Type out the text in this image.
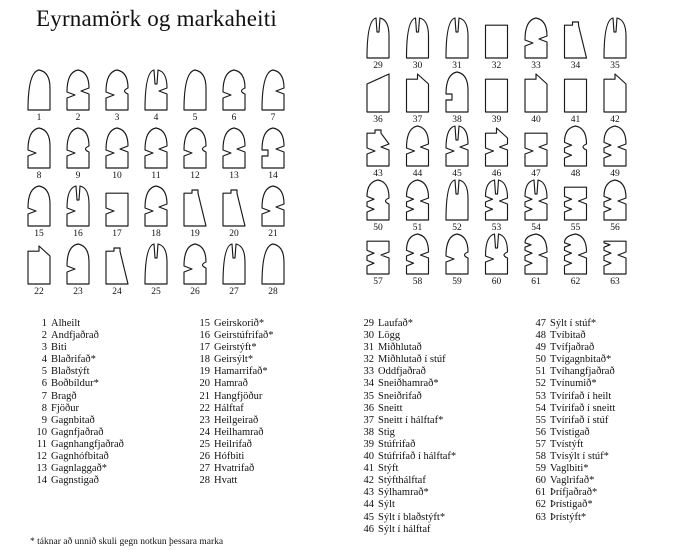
Eyrnamörk og markaheiti
1	2	3	4	5	6	7
8	9	10	11	12	13	14
15	16	17	18	19	20	21
22	23	24	25	26	27	28
29	30	31	32	33	34	35
36	37	38	39	40	41	42
43	44	45	46	47	48	49
50	51	52	53	54	55	56
57	58	59	60	61	62	63
1 Alheilt
2 Andfjaðrað
3 Biti
4 Blaðrifað*
5 Blaðstýft
6 Boðbíldur*
7 Bragð
8 Fjöður
9 Gagnbitað
10 Gagnfjaðrað
11 Gagnhangfjaðrað
12 Gagnhófbitað
13 Gagnlaggað*
14 Gagnstigað
15 Geirskorið*
16 Geirstúfrifað*
17 Geirstýft*
18 Geirsýlt*
19 Hamarrifað*
20 Hamrað
21 Hangfjöður
22 Hálftaf
23 Heilgeirað
24 Heilhamrað
25 Heilrifað
26 Hófbiti
27 Hvatrifað
28 Hvatt
29 Laufað*
30 Lögg
31 Miðhlutað
32 Miðhlutað í stúf
33 Oddfjaðrað
34 Sneiðhamrað*
35 Sneiðrifað
36 Sneitt
37 Sneitt í hálftaf*
38 Stig
39 Stúfrifað
40 Stúfrifað í hálftaf*
41 Stýft
42 Stýfthálftaf
43 Sýlhamrað*
44 Sýlt
45 Sýlt í blaðstýft*
46 Sýlt í hálftaf
47 Sýlt í stúf*
48 Tvíbitað
49 Tvífjaðrað
50 Tvígagnbitað*
51 Tvíhangfjaðrað
52 Tvínumið*
53 Tvírifað í heilt
54 Tvírifað í sneitt
55 Tvírifað í stúf
56 Tvístigað
57 Tvístýft
58 Tvísýlt í stúf*
59 Vaglbiti*
60 Vaglrifað*
61 Þrífjaðrað*
62 Þrístigað*
63 Þrístýft*
* táknar að unnið skuli gegn notkun þessara marka
